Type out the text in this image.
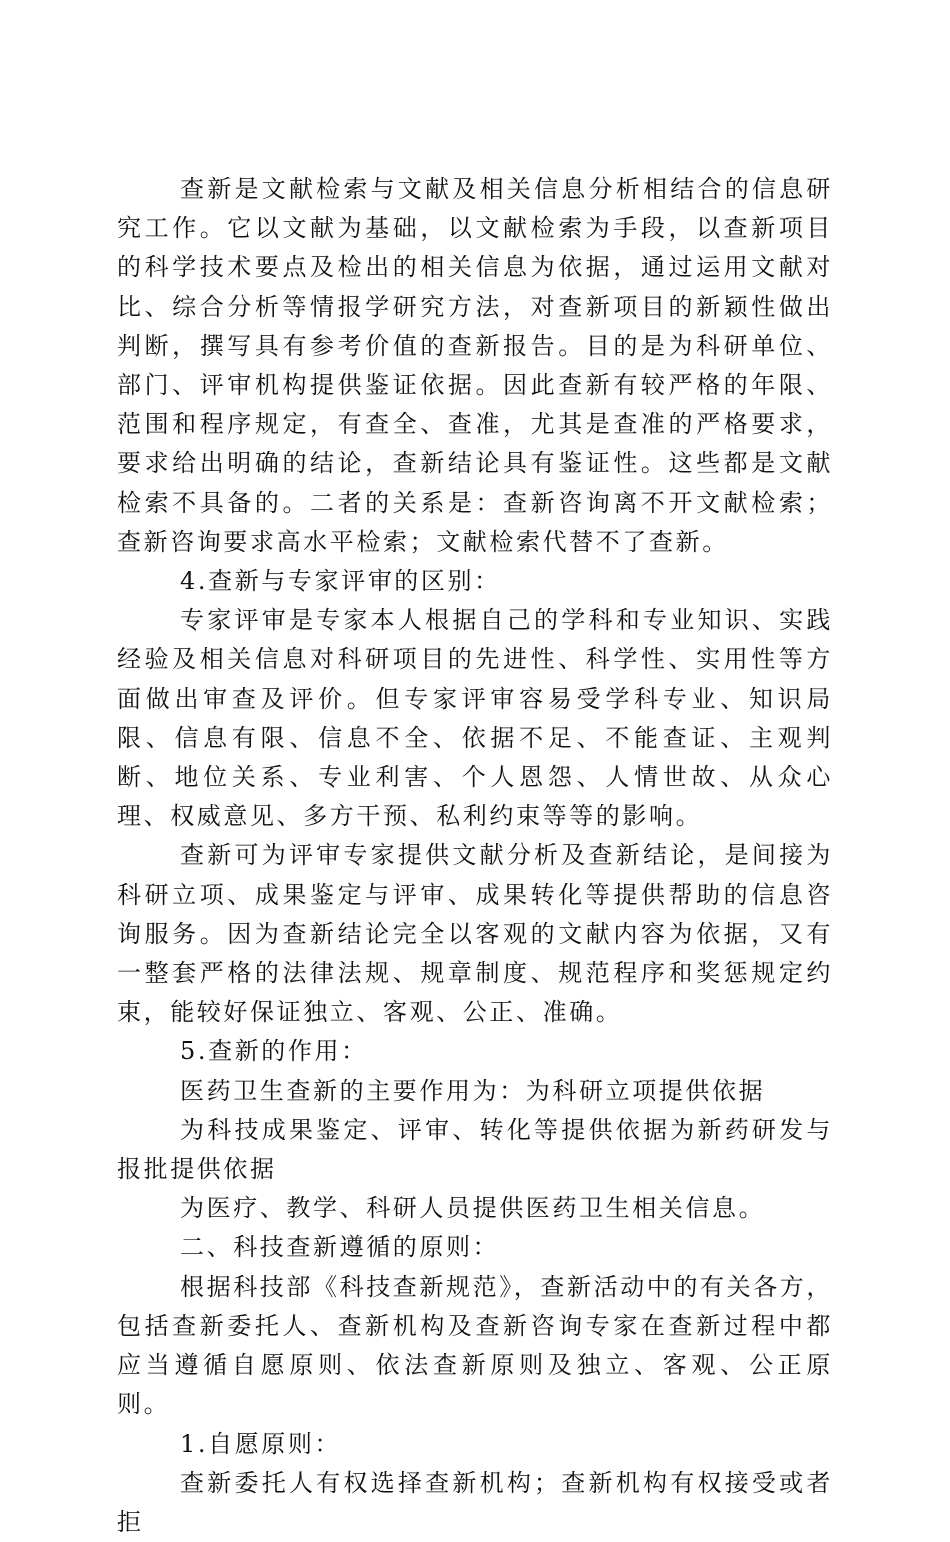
查新是文献检索与文献及相关信息分析相结合的信息研究工作。它以文献为基础，以文献检索为手段，以查新项目的科学技术要点及检出的相关信息为依据，通过运用文献对比、综合分析等情报学研究方法，对查新项目的新颖性做出判断，撰写具有参考价值的查新报告。目的是为科研单位、部门、评审机构提供鉴证依据。因此查新有较严格的年限、范围和程序规定，有查全、查准，尤其是查准的严格要求，要求给出明确的结论，查新结论具有鉴证性。这些都是文献检索不具备的。二者的关系是：查新咨询离不开文献检索；查新咨询要求高水平检索；文献检索代替不了查新。

4.查新与专家评审的区别：

专家评审是专家本人根据自己的学科和专业知识、实践经验及相关信息对科研项目的先进性、科学性、实用性等方面做出审查及评价。但专家评审容易受学科专业、知识局限、信息有限、信息不全、依据不足、不能查证、主观判断、地位关系、专业利害、个人恩怨、人情世故、从众心理、权威意见、多方干预、私利约束等等的影响。

查新可为评审专家提供文献分析及查新结论，是间接为科研立项、成果鉴定与评审、成果转化等提供帮助的信息咨询服务。因为查新结论完全以客观的文献内容为依据，又有一整套严格的法律法规、规章制度、规范程序和奖惩规定约束，能较好保证独立、客观、公正、准确。

5.查新的作用：

医药卫生查新的主要作用为：为科研立项提供依据

为科技成果鉴定、评审、转化等提供依据为新药研发与报批提供依据

为医疗、教学、科研人员提供医药卫生相关信息。

二、科技查新遵循的原则：

根据科技部《科技查新规范》，查新活动中的有关各方，包括查新委托人、查新机构及查新咨询专家在查新过程中都应当遵循自愿原则、依法查新原则及独立、客观、公正原则。

1.自愿原则：

查新委托人有权选择查新机构；查新机构有权接受或者拒
